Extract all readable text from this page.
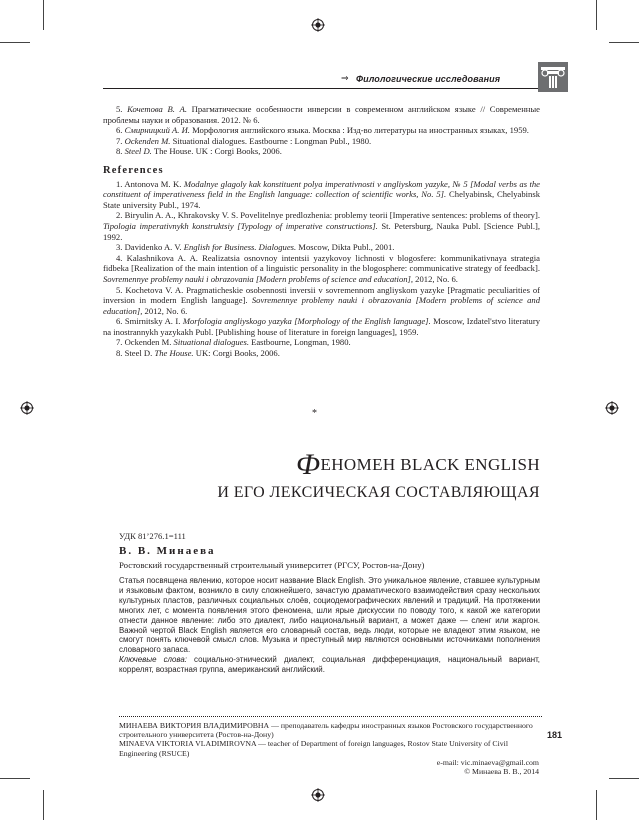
⇒ Филологические исследования

5. Кочетова В. А. Прагматические особенности инверсии в современном английском языке // Современные проблемы науки и образования. 2012. № 6.

6. Смирницкий А. И. Морфология английского языка. Москва : Изд-во литературы на иностранных языках, 1959.

7. Ockenden M. Situational dialogues. Eastbourne : Longman Publ., 1980.

8. Steel D. The House. UK : Corgi Books, 2006.

References

1. Antonova M. K. Modalnye glagoly kak konstituent polya imperativnosti v angliyskom yazyke, № 5 [Modal verbs as the constituent of imperativeness field in the English language: collection of scientific works, No. 5]. Chelyabinsk, Chelyabinsk State university Publ., 1974.

2. Biryulin A. A., Khrakovsky V. S. Povelitelnye predlozhenia: problemy teorii [Imperative sentences: problems of theory]. Tipologia imperativnykh konstruktsiy [Typology of imperative constructions]. St. Petersburg, Nauka Publ. [Science Publ.], 1992.

3. Davidenko A. V. English for Business. Dialogues. Moscow, Dikta Publ., 2001.

4. Kalashnikova A. A. Realizatsia osnovnoy intentsii yazykovoy lichnosti v blogosfere: kommunikativnaya strategia fidbeka [Realization of the main intention of a linguistic personality in the blogosphere: communicative strategy of feedback]. Sovremennye problemy nauki i obrazovania [Modern problems of science and education], 2012, No. 6.

5. Kochetova V. A. Pragmaticheskie osobennosti inversii v sovremennom angliyskom yazyke [Pragmatic peculiarities of inversion in modern English language]. Sovremennye problemy nauki i obrazovania [Modern problems of science and education], 2012, No. 6.

6. Smirnitsky A. I. Morfologia angliyskogo yazyka [Morphology of the English language]. Moscow, Izdatel'stvo literatury na inostrannykh yazykakh Publ. [Publishing house of literature in foreign languages], 1959.

7. Ockenden M. Situational dialogues. Eastbourne, Longman, 1980.

8. Steel D. The House. UK: Corgi Books, 2006.

*
ФЕНОМЕН BLACK ENGLISH
И ЕГО ЛЕКСИЧЕСКАЯ СОСТАВЛЯЮЩАЯ
УДК 81’276.1=111
В. В. Минаева
Ростовский государственный строительный университет (РГСУ, Ростов-на-Дону)

Статья посвящена явлению, которое носит название Black English. Это уникальное явление, ставшее культурным и языковым фактом, возникло в силу сложнейшего, зачастую драматического взаимодействия сразу нескольких культурных пластов, различных социальных слоёв, социодемографических явлений и традиций. На протяжении многих лет, с момента появления этого феномена, шли ярые дискуссии по поводу того, к какой же категории отнести данное явление: либо это диалект, либо национальный вариант, а может даже — сленг или жаргон. Важной чертой Black English является его словарный состав, ведь люди, которые не владеют этим языком, не смогут понять ключевой смысл слов. Музыка и преступный мир являются основными источниками пополнения словарного запаса.

Ключевые слова: социально-этнический диалект, социальная дифференциация, национальный вариант, коррелят, возрастная группа, американский английский.

МИНАЕВА ВИКТОРИЯ ВЛАДИМИРОВНА — преподаватель кафедры иностранных языков Ростовского государственного строительного университета (Ростов-на-Дону)

MINAEVA VIKTORIA VLADIMIROVNA — teacher of Department of foreign languages, Rostov State University of Civil Engineering (RSUCE)

e-mail: vic.minaeva@gmail.com

© Минаева В. В., 2014

181
